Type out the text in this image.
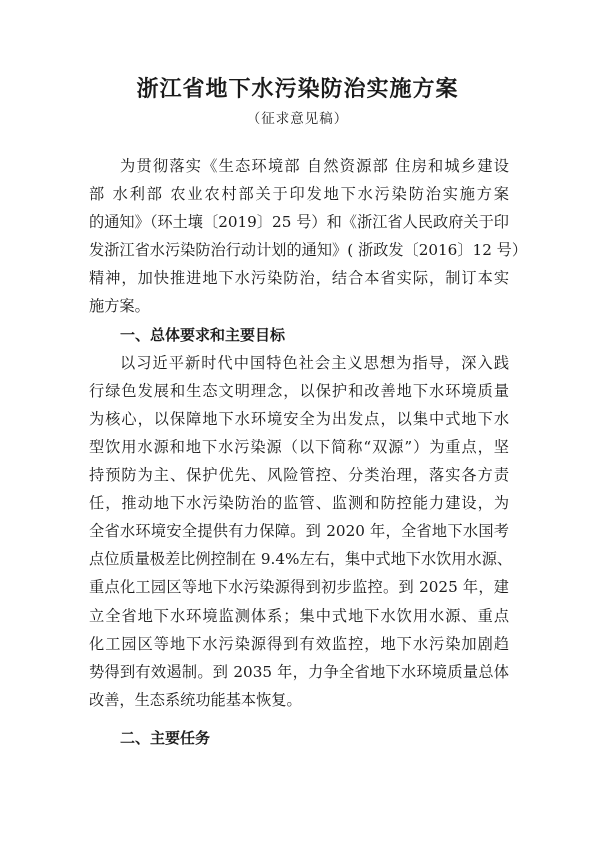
浙江省地下水污染防治实施方案
（征求意见稿）
为贯彻落实《生态环境部 自然资源部 住房和城乡建设
部 水利部 农业农村部关于印发地下水污染防治实施方案
的通知》（环土壤〔2019〕25 号）和《浙江省人民政府关于印
发浙江省水污染防治行动计划的通知》( 浙政发〔2016〕12 号）
精神，加快推进地下水污染防治，结合本省实际，制订本实
施方案。
一、总体要求和主要目标
以习近平新时代中国特色社会主义思想为指导，深入践
行绿色发展和生态文明理念，以保护和改善地下水环境质量
为核心，以保障地下水环境安全为出发点，以集中式地下水
型饮用水源和地下水污染源（以下简称“双源”）为重点，坚
持预防为主、保护优先、风险管控、分类治理，落实各方责
任，推动地下水污染防治的监管、监测和防控能力建设，为
全省水环境安全提供有力保障。到 2020 年，全省地下水国考
点位质量极差比例控制在 9.4%左右，集中式地下水饮用水源、
重点化工园区等地下水污染源得到初步监控。到 2025 年，建
立全省地下水环境监测体系；集中式地下水饮用水源、重点
化工园区等地下水污染源得到有效监控，地下水污染加剧趋
势得到有效遏制。到 2035 年，力争全省地下水环境质量总体
改善，生态系统功能基本恢复。
二、主要任务
